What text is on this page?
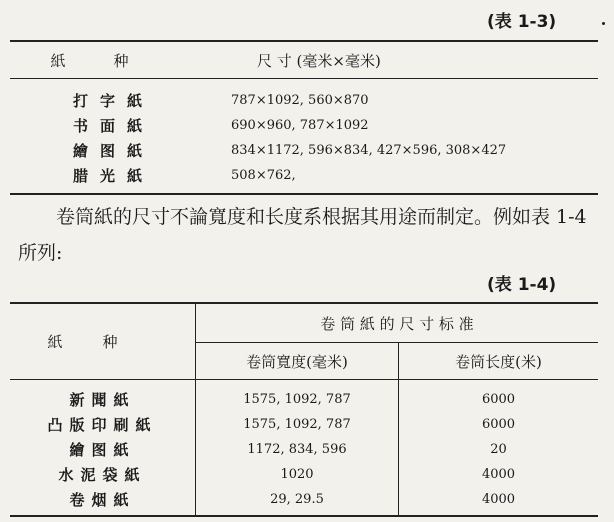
(表 1-3)
紙种	尺 寸 (毫米×毫米)
打字紙	787×1092, 560×870
书面紙	690×960, 787×1092
繪图紙	834×1172, 596×834, 427×596, 308×427
腊光紙	508×762,

卷筒紙的尺寸不論寬度和长度系根据其用途而制定。例如表 1-4 所列:

(表 1-4)
紙种	卷 筒 紙 的 尺 寸 标 准	
	卷筒寬度(毫米)	卷筒长度(米)
新聞紙	1575, 1092, 787	6000
凸版印刷紙	1575, 1092, 787	6000
繪图紙	1172, 834, 596	20
水泥袋紙	1020	4000
卷烟紙	29, 29.5	4000
